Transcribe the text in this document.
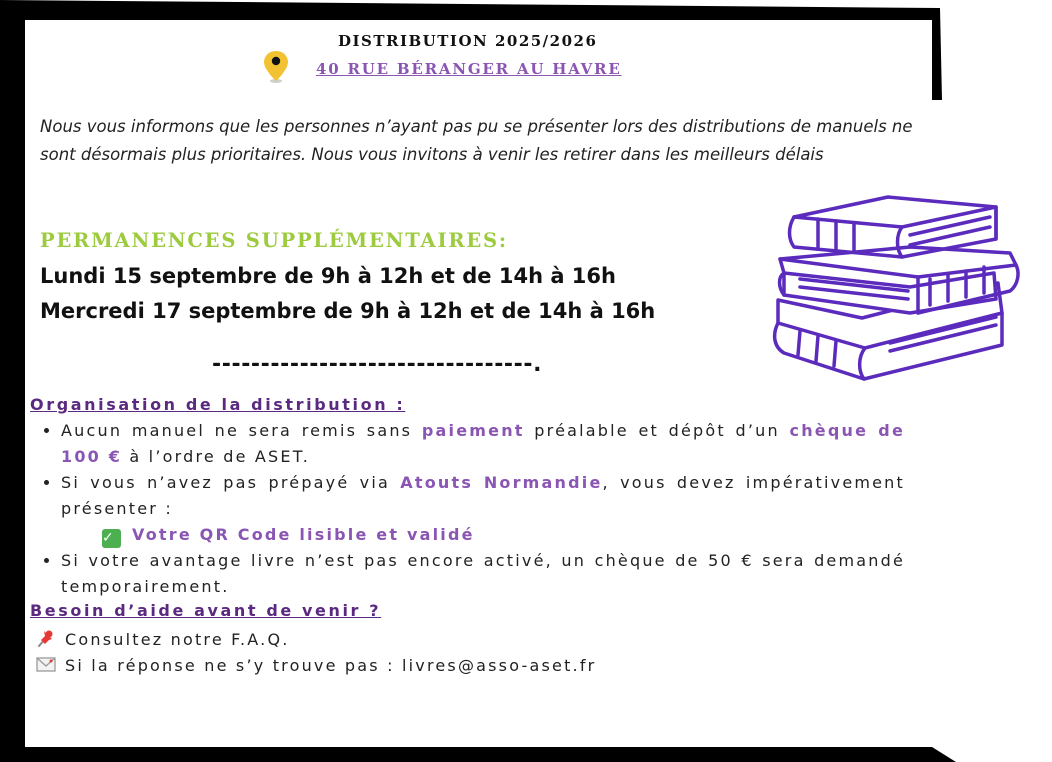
DISTRIBUTION 2025/2026
40 RUE BÉRANGER AU HAVRE
Nous vous informons que les personnes n’ayant pas pu se présenter lors des distributions de manuels ne sont désormais plus prioritaires. Nous vous invitons à venir les retirer dans les meilleurs délais
PERMANENCES SUPPLÉMENTAIRES:
Lundi 15 septembre de 9h à 12h et de 14h à 16h
Mercredi 17 septembre de 9h à 12h et de 14h à 16h
---------------------------------.
Organisation de la distribution :
• Aucun manuel ne sera remis sans paiement préalable et dépôt d’un chèque de 100 € à l’ordre de ASET.
• Si vous n’avez pas prépayé via Atouts Normandie, vous devez impérativement présenter :
✓ Votre QR Code lisible et validé
• Si votre avantage livre n’est pas encore activé, un chèque de 50 € sera demandé temporairement.
Besoin d’aide avant de venir ?
Consultez notre F.A.Q.
Si la réponse ne s’y trouve pas : livres@asso-aset.fr
